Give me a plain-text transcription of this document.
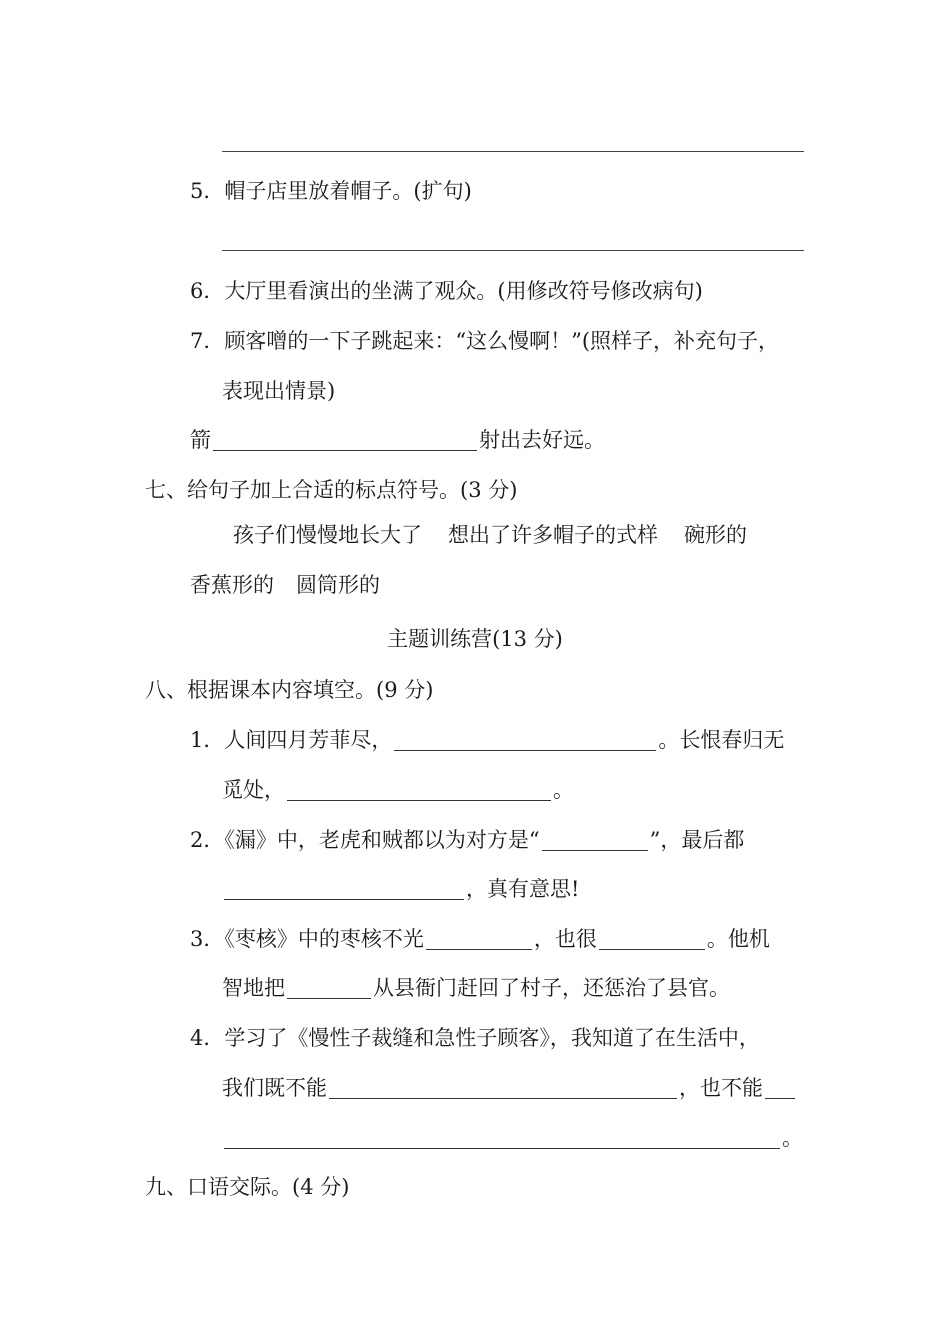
5．帽子店里放着帽子。(扩句)
6．大厅里看演出的坐满了观众。(用修改符号修改病句)
7．顾客噌的一下子跳起来：“这么慢啊！”(照样子，补充句子，
表现出情景)
箭	射出去好远。
七、给句子加上合适的标点符号。(3 分)
孩子们慢慢地长大了 想出了许多帽子的式样 碗形的
香蕉形的 圆筒形的
主题训练营(13 分)
八、根据课本内容填空。(9 分)
1．人间四月芳菲尽，	。长恨春归无
觅处，	。
2．《漏》中，老虎和贼都以为对方是“	”，最后都
，真有意思!
3．《枣核》中的枣核不光	，也很	。他机
智地把	从县衙门赶回了村子，还惩治了县官。
4．学习了《慢性子裁缝和急性子顾客》，我知道了在生活中，
我们既不能	，也不能
。
九、口语交际。(4 分)
